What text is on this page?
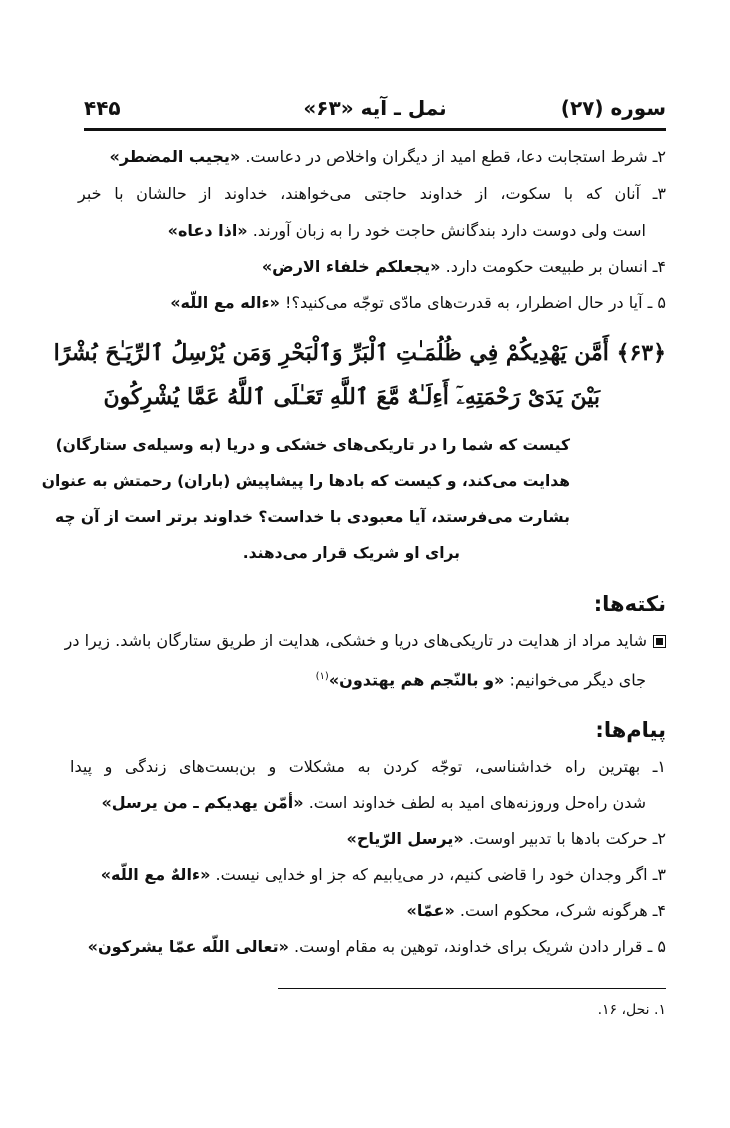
سوره (۲۷)
نمل ـ آیه «۶۳»
۴۴۵
۲ـ شرط استجابت دعا، قطع امید از دیگران واخلاص در دعاست. «یجیب المضطر»
۳ـ آنان که با سکوت، از خداوند حاجتی می‌خواهند، خداوند از حالشان با خبر
است ولی دوست دارد بندگانش حاجت خود را به زبان آورند. «اذا دعاه»
۴ـ انسان بر طبیعت حکومت دارد. «یجعلکم خلفاء الارض»
۵ ـ آیا در حال اضطرار، به قدرت‌های مادّی توجّه می‌کنید؟! «ءاله مع اللّه»
﴿۶۳﴾ أَمَّن يَهْدِيكُمْ فِي ظُلُمَـٰتِ ٱلْبَرِّ وَٱلْبَحْرِ وَمَن يُرْسِلُ ٱلرِّيَـٰحَ بُشْرًا
بَيْنَ يَدَىْ رَحْمَتِهِۦٓ أَءِلَـٰهٌ مَّعَ ٱللَّهِ تَعَـٰلَى ٱللَّهُ عَمَّا يُشْرِكُونَ
کیست که شما را در تاریکی‌های خشکی و دریا (به وسیله‌ی ستارگان)
هدایت می‌کند، و کیست که بادها را پیشاپیش (باران) رحمتش به عنوان
بشارت می‌فرستد، آیا معبودی با خداست؟ خداوند برتر است از آن چه
برای او شریک قرار می‌دهند.
نکته‌ها:
شاید مراد از هدایت در تاریکی‌های دریا و خشکی، هدایت از طریق ستارگان باشد. زیرا در
جای دیگر می‌خوانیم: «و بالنّجم هم یهتدون»$^{(۱)}$
پیام‌ها:
۱ـ بهترین راه خداشناسی، توجّه کردن به مشکلات و بن‌بست‌های زندگی و پیدا
شدن راه‌حل وروزنه‌های امید به لطف خداوند است. «أمّن یهدیکم ـ من یرسل»
۲ـ حرکت بادها با تدبیر اوست. «یرسل الرّیاح»
۳ـ اگر وجدان خود را قاضی کنیم، در می‌یابیم که جز او خدایی نیست. «ءالهٌ مع اللّه»
۴ـ هرگونه شرک، محکوم است. «عمّا»
۵ ـ قرار دادن شریک برای خداوند، توهین به مقام اوست. «تعالی اللّه عمّا یشرکون»
۱. نحل، ۱۶.
